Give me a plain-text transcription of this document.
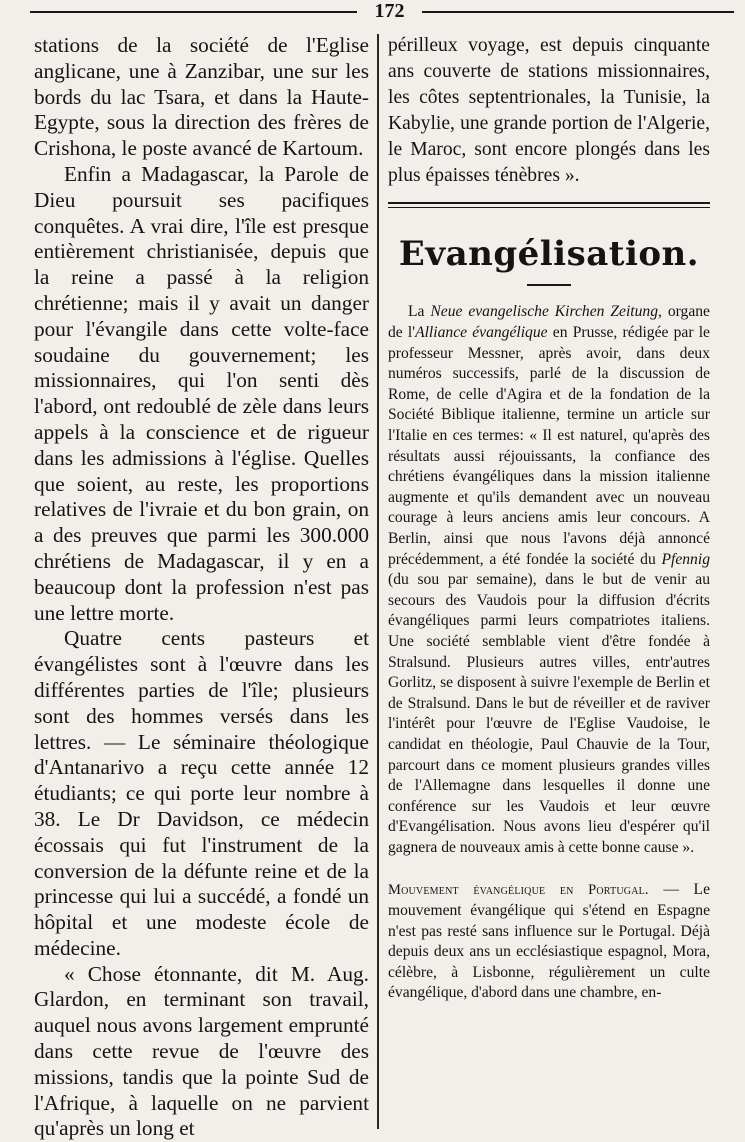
172

stations de la société de l'Eglise anglicane, une à Zanzibar, une sur les bords du lac Tsara, et dans la Haute-Egypte, sous la direction des frères de Crishona, le poste avancé de Kartoum.

Enfin a Madagascar, la Parole de Dieu poursuit ses pacifiques conquêtes. A vrai dire, l'île est presque entièrement christianisée, depuis que la reine a passé à la religion chrétienne; mais il y avait un danger pour l'évangile dans cette volte-face soudaine du gouvernement; les missionnaires, qui l'on senti dès l'abord, ont redoublé de zèle dans leurs appels à la conscience et de rigueur dans les admissions à l'église. Quelles que soient, au reste, les proportions relatives de l'ivraie et du bon grain, on a des preuves que parmi les 300.000 chrétiens de Madagascar, il y en a beaucoup dont la profession n'est pas une lettre morte.

Quatre cents pasteurs et évangélistes sont à l'œuvre dans les différentes parties de l'île; plusieurs sont des hommes versés dans les lettres. — Le séminaire théologique d'Antanarivo a reçu cette année 12 étudiants; ce qui porte leur nombre à 38. Le Dr Davidson, ce médecin écossais qui fut l'instrument de la conversion de la défunte reine et de la princesse qui lui a succédé, a fondé un hôpital et une modeste école de médecine.

« Chose étonnante, dit M. Aug. Glardon, en terminant son travail, auquel nous avons largement emprunté dans cette revue de l'œuvre des missions, tandis que la pointe Sud de l'Afrique, à laquelle on ne parvient qu'après un long et

périlleux voyage, est depuis cinquante ans couverte de stations missionnaires, les côtes septentrionales, la Tunisie, la Kabylie, une grande portion de l'Algerie, le Maroc, sont encore plongés dans les plus épaisses ténèbres ».

Evangélisation.

La Neue evangelische Kirchen Zeitung, organe de l'Alliance évangélique en Prusse, rédigée par le professeur Messner, après avoir, dans deux numéros successifs, parlé de la discussion de Rome, de celle d'Agira et de la fondation de la Société Biblique italienne, termine un article sur l'Italie en ces termes: « Il est naturel, qu'après des résultats aussi réjouissants, la confiance des chrétiens évangéliques dans la mission italienne augmente et qu'ils demandent avec un nouveau courage à leurs anciens amis leur concours. A Berlin, ainsi que nous l'avons déjà annoncé précédemment, a été fondée la société du Pfennig (du sou par semaine), dans le but de venir au secours des Vaudois pour la diffusion d'écrits évangéliques parmi leurs compatriotes italiens. Une société semblable vient d'être fondée à Stralsund. Plusieurs autres villes, entr'autres Gorlitz, se disposent à suivre l'exemple de Berlin et de Stralsund. Dans le but de réveiller et de raviver l'intérêt pour l'œuvre de l'Eglise Vaudoise, le candidat en théologie, Paul Chauvie de la Tour, parcourt dans ce moment plusieurs grandes villes de l'Allemagne dans lesquelles il donne une conférence sur les Vaudois et leur œuvre d'Evangélisation. Nous avons lieu d'espérer qu'il gagnera de nouveaux amis à cette bonne cause ».

Mouvement évangélique en Portugal. — Le mouvement évangélique qui s'étend en Espagne n'est pas resté sans influence sur le Portugal. Déjà depuis deux ans un ecclésiastique espagnol, Mora, célèbre, à Lisbonne, régulièrement un culte évangélique, d'abord dans une chambre, en-
